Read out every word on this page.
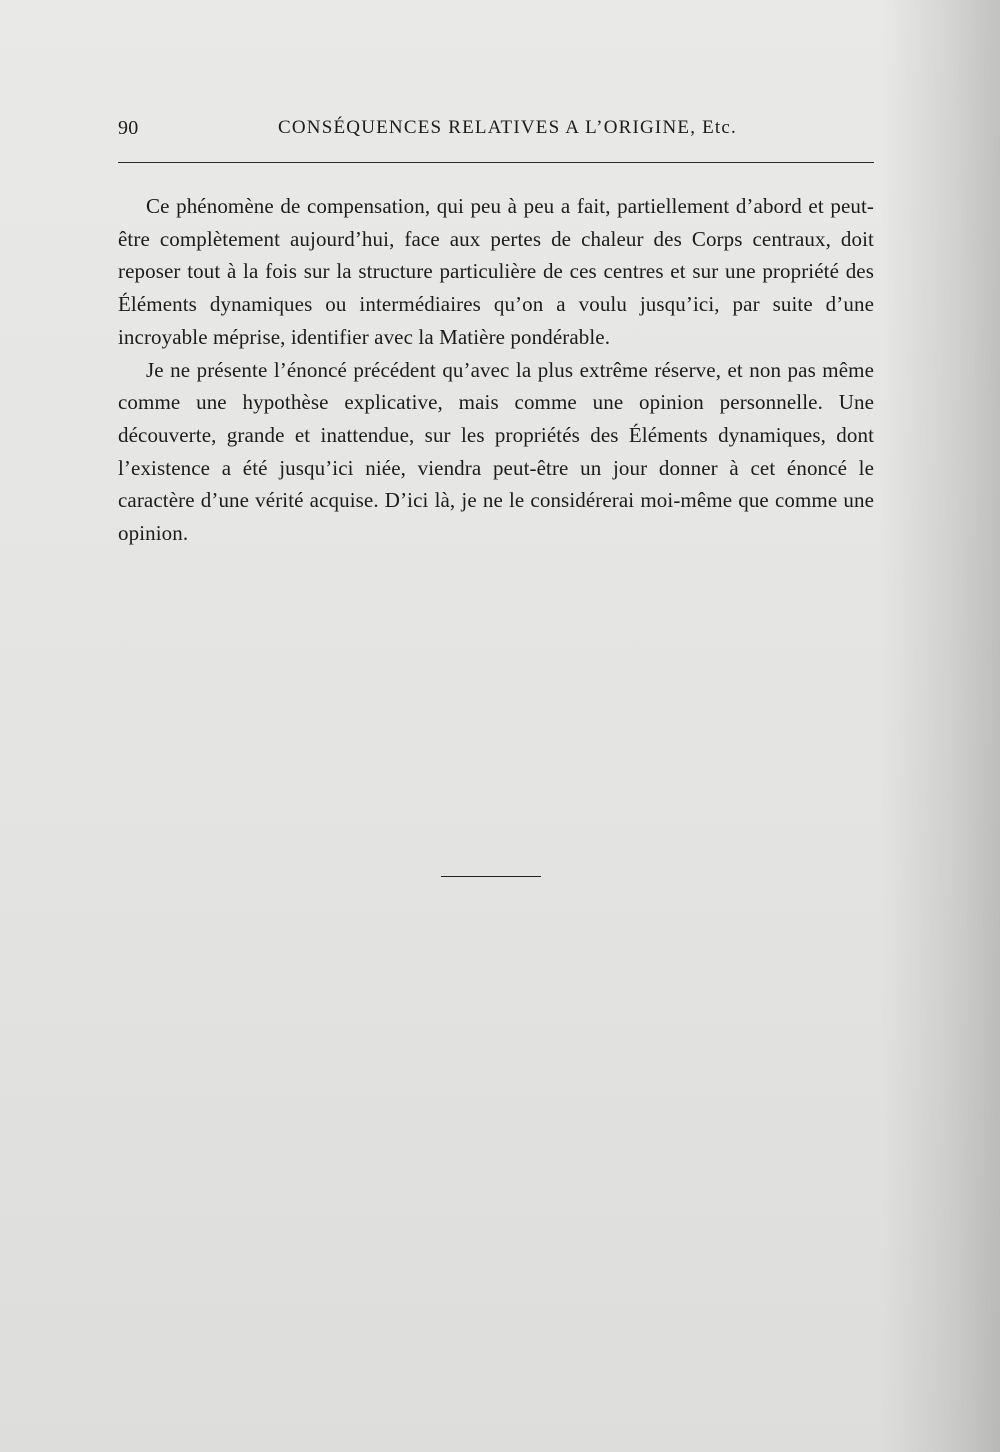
90	CONSÉQUENCES RELATIVES A L’ORIGINE, Etc.

Ce phénomène de compensation, qui peu à peu a fait, partiellement d’abord et peut-être complètement aujourd’hui, face aux pertes de chaleur des Corps centraux, doit reposer tout à la fois sur la structure particulière de ces centres et sur une propriété des Éléments dynamiques ou intermédiaires qu’on a voulu jusqu’ici, par suite d’une incroyable méprise, identifier avec la Matière pondérable.

Je ne présente l’énoncé précédent qu’avec la plus extrême réserve, et non pas même comme une hypothèse explicative, mais comme une opinion personnelle. Une découverte, grande et inattendue, sur les propriétés des Éléments dynamiques, dont l’existence a été jusqu’ici niée, viendra peut-être un jour donner à cet énoncé le caractère d’une vérité acquise. D’ici là, je ne le considérerai moi-même que comme une opinion.
